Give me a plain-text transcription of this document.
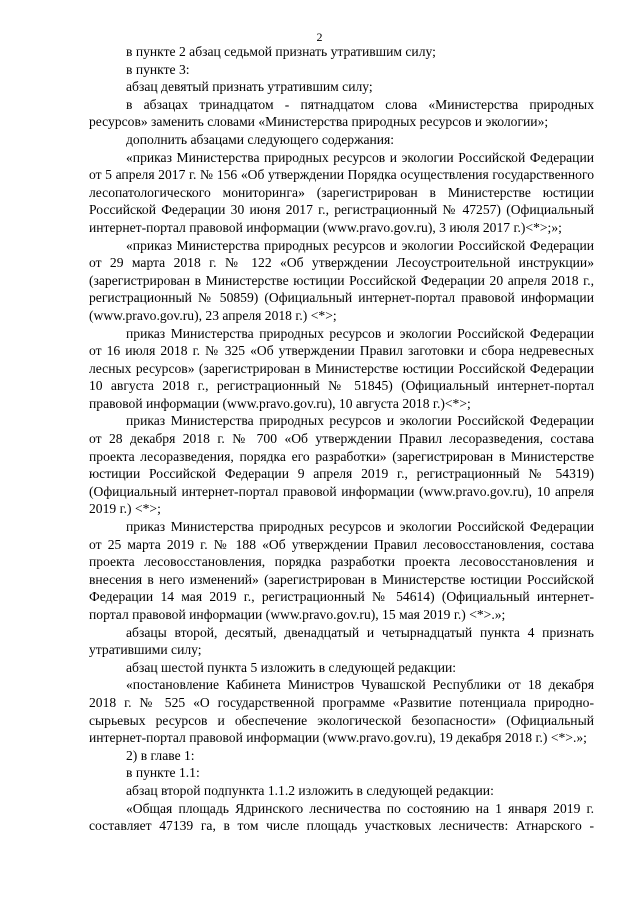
2

в пункте 2 абзац седьмой признать утратившим силу;

в пункте 3:

абзац девятый признать утратившим силу;

в абзацах тринадцатом - пятнадцатом слова «Министерства природных ресурсов» заменить словами «Министерства природных ресурсов и экологии»;

дополнить абзацами следующего содержания:

«приказ Министерства природных ресурсов и экологии Российской Федерации от 5 апреля 2017 г. № 156 «Об утверждении Порядка осуществления государственного лесопатологического мониторинга» (зарегистрирован в Министерстве юстиции Российской Федерации 30 июня 2017 г., регистрационный № 47257) (Официальный интернет-портал правовой информации (www.pravo.gov.ru), 3 июля 2017 г.)<*>;»;

«приказ Министерства природных ресурсов и экологии Российской Федерации от 29 марта 2018 г. № 122 «Об утверждении Лесоустроительной инструкции» (зарегистрирован в Министерстве юстиции Российской Федерации 20 апреля 2018 г., регистрационный № 50859) (Официальный интернет-портал правовой информации (www.pravo.gov.ru), 23 апреля 2018 г.) <*>;

приказ Министерства природных ресурсов и экологии Российской Федерации от 16 июля 2018 г. № 325 «Об утверждении Правил заготовки и сбора недревесных лесных ресурсов» (зарегистрирован в Министерстве юстиции Российской Федерации 10 августа 2018 г., регистрационный № 51845) (Официальный интернет-портал правовой информации (www.pravo.gov.ru), 10 августа 2018 г.)<*>;

приказ Министерства природных ресурсов и экологии Российской Федерации от 28 декабря 2018 г. № 700 «Об утверждении Правил лесоразведения, состава проекта лесоразведения, порядка его разработки» (зарегистрирован в Министерстве юстиции Российской Федерации 9 апреля 2019 г., регистрационный № 54319) (Официальный интернет-портал правовой информации (www.pravo.gov.ru), 10 апреля 2019 г.) <*>;

приказ Министерства природных ресурсов и экологии Российской Федерации от 25 марта 2019 г. № 188 «Об утверждении Правил лесовосстановления, состава проекта лесовосстановления, порядка разработки проекта лесовосстановления и внесения в него изменений» (зарегистрирован в Министерстве юстиции Российской Федерации 14 мая 2019 г., регистрационный № 54614) (Официальный интернет-портал правовой информации (www.pravo.gov.ru), 15 мая 2019 г.) <*>.»;

абзацы второй, десятый, двенадцатый и четырнадцатый пункта 4 признать утратившими силу;

абзац шестой пункта 5 изложить в следующей редакции:

«постановление Кабинета Министров Чувашской Республики от 18 декабря 2018 г. № 525 «О государственной программе «Развитие потенциала природно-сырьевых ресурсов и обеспечение экологической безопасности» (Официальный интернет-портал правовой информации (www.pravo.gov.ru), 19 декабря 2018 г.) <*>.»;

2) в главе 1:

в пункте 1.1:

абзац второй подпункта 1.1.2 изложить в следующей редакции:

«Общая площадь Ядринского лесничества по состоянию на 1 января 2019 г. составляет 47139 га, в том числе площадь участковых лесничеств: Атнарского -
